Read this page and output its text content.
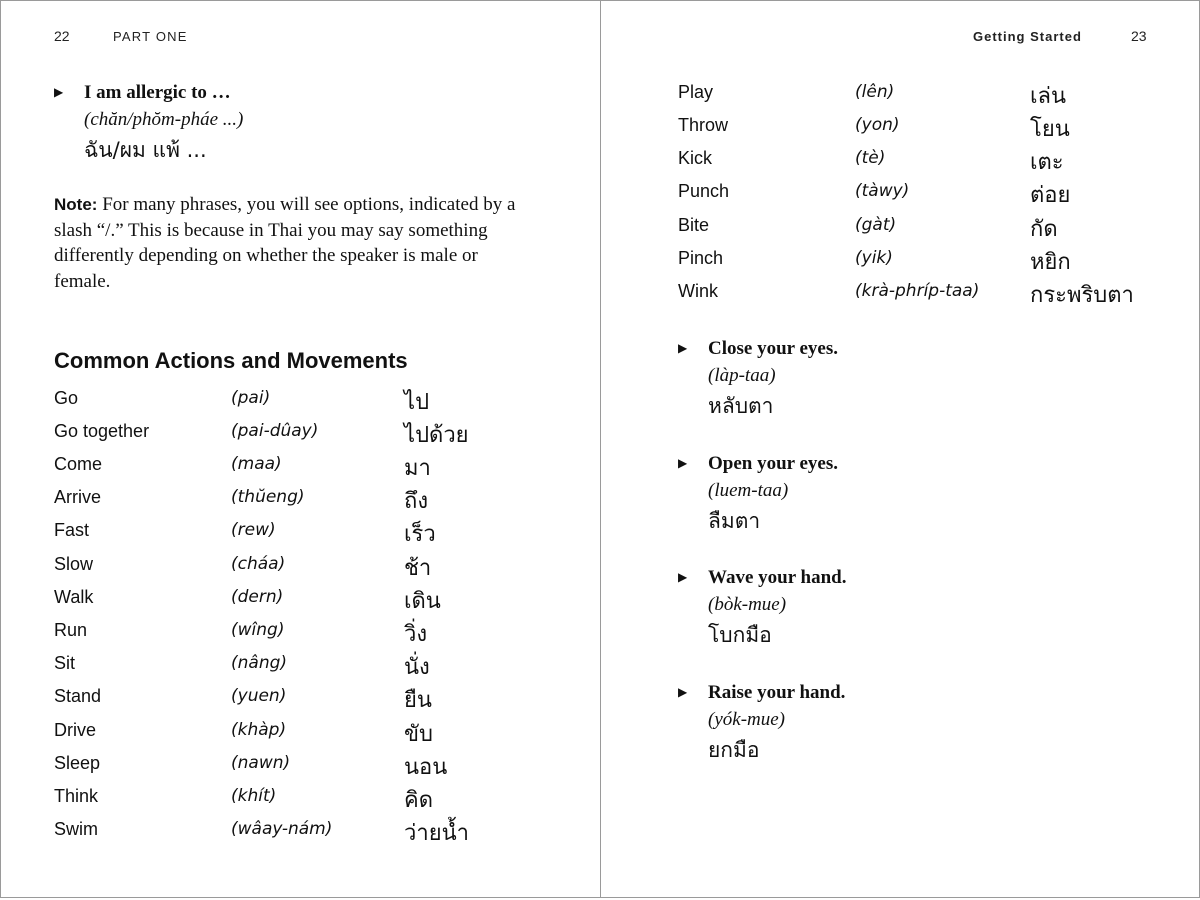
22	PART ONE
▶ I am allergic to …
(chăn/phŏm-pháe ...)
ฉัน/ผม แพ้ ...
Note: For many phrases, you will see options, indicated by a slash “/.” This is because in Thai you may say something differently depending on whether the speaker is male or female.
Common Actions and Movements
Go	(pai)	ไป
Go together	(pai-dûay)	ไปด้วย
Come	(maa)	มา
Arrive	(thŭeng)	ถึง
Fast	(rew)	เร็ว
Slow	(cháa)	ช้า
Walk	(dern)	เดิน
Run	(wîng)	วิ่ง
Sit	(nâng)	นั่ง
Stand	(yuen)	ยืน
Drive	(khàp)	ขับ
Sleep	(nawn)	นอน
Think	(khít)	คิด
Swim	(wâay-nám)	ว่ายน้ำ
Getting Started	23
Play	(lên)	เล่น
Throw	(yon)	โยน
Kick	(tè)	เตะ
Punch	(tàwy)	ต่อย
Bite	(gàt)	กัด
Pinch	(yik)	หยิก
Wink	(krà-phríp-taa) กระพริบตา
▶ Close your eyes.
(làp-taa)
หลับตา
▶ Open your eyes.
(luem-taa)
ลืมตา
▶ Wave your hand.
(bòk-mue)
โบกมือ
▶ Raise your hand.
(yók-mue)
ยกมือ
